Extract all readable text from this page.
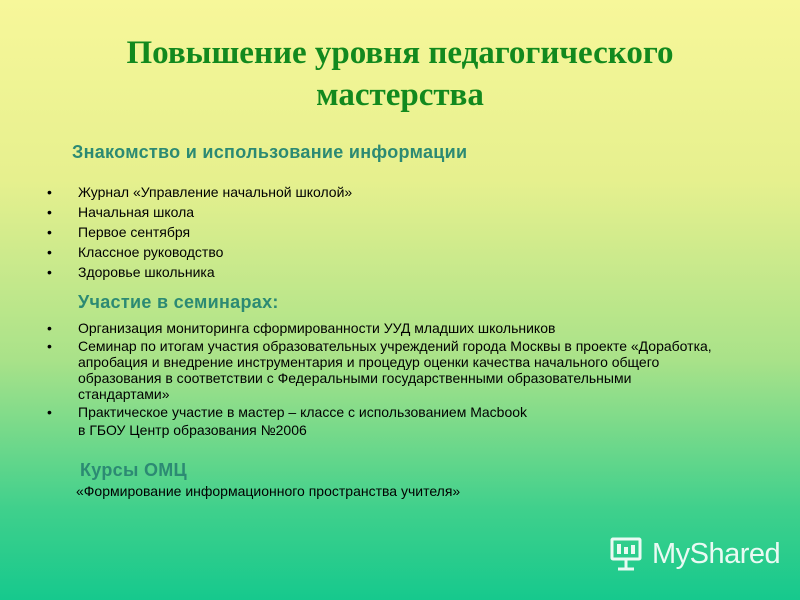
Повышение уровня педагогического мастерства
Знакомство и использование информации
• Журнал «Управление начальной школой»
• Начальная школа
• Первое сентября
• Классное руководство
• Здоровье школьника
Участие в семинарах:
• Организация мониторинга сформированности УУД младших школьников
• Семинар по итогам участия образовательных учреждений города Москвы в проекте «Доработка, апробация и внедрение инструментария и процедур оценки качества начального общего образования в соответствии с Федеральными государственными образовательными стандартами»
• Практическое участие в мастер – классе с использованием Macbook
в ГБОУ Центр образования №2006
Курсы ОМЦ
«Формирование информационного пространства учителя»
MyShared
